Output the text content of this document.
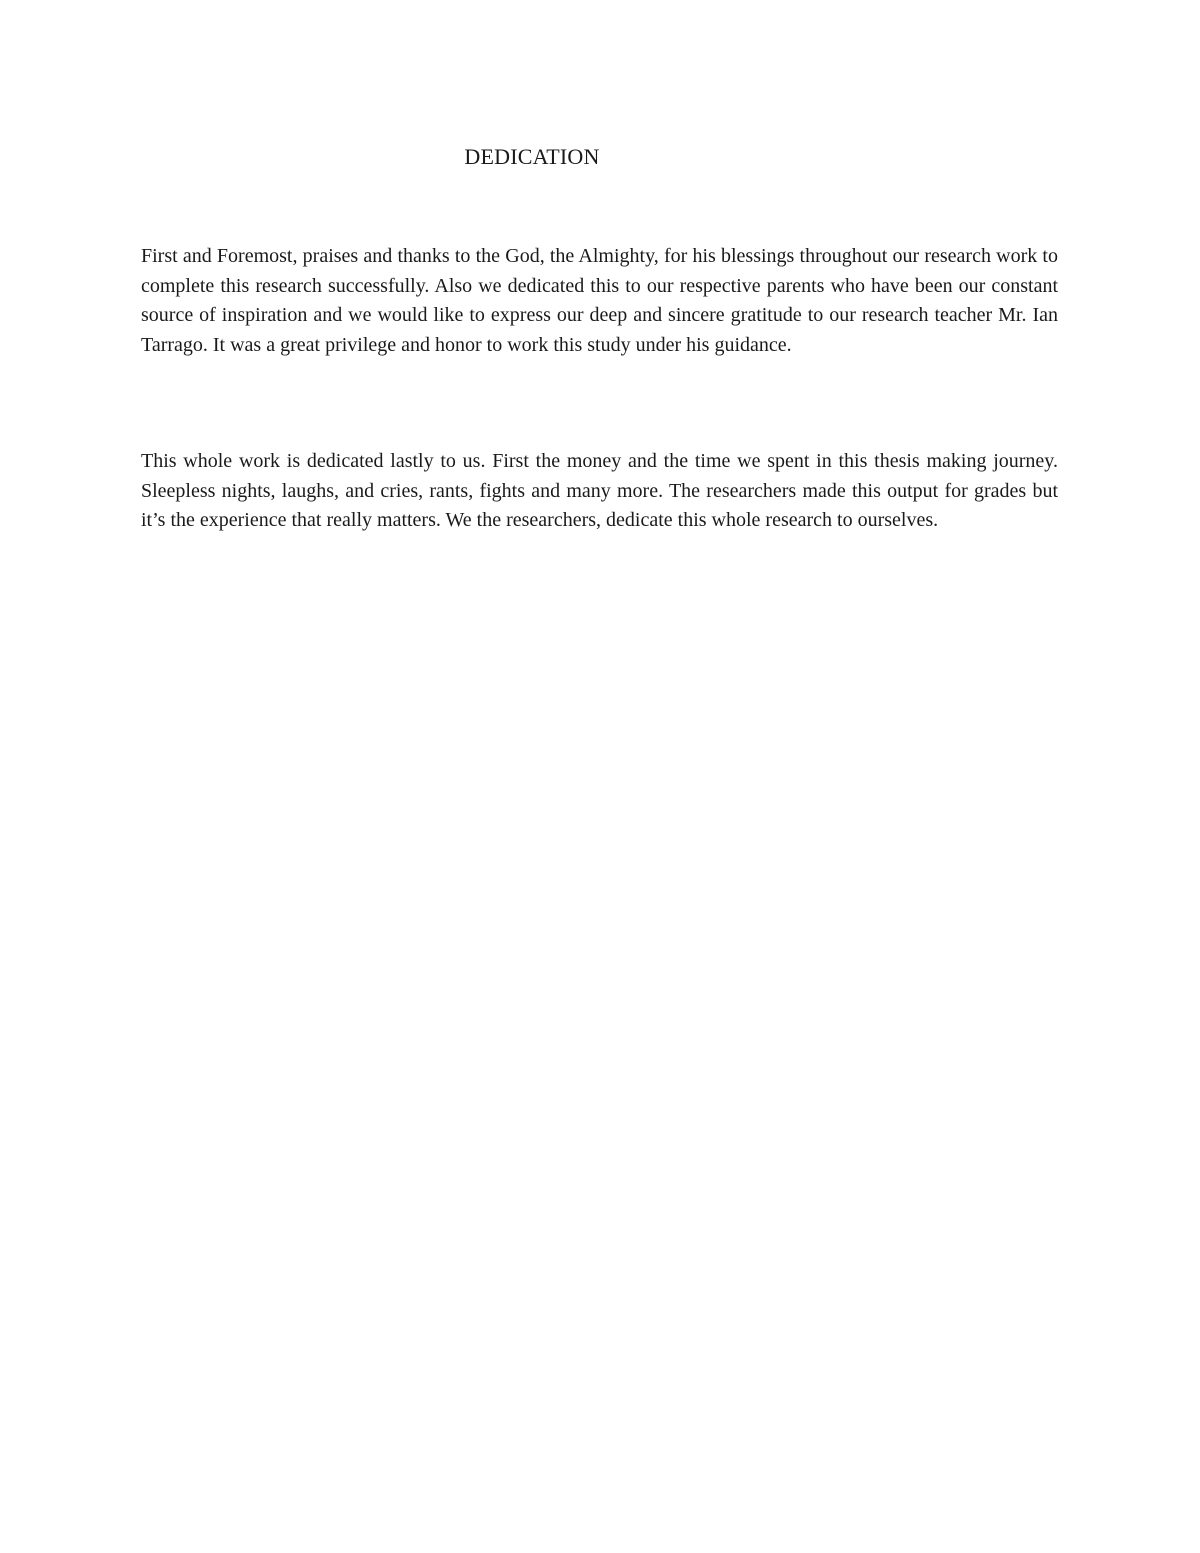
DEDICATION

First and Foremost, praises and thanks to the God, the Almighty, for his blessings throughout our research work to complete this research successfully. Also we dedicated this to our respective parents who have been our constant source of inspiration and we would like to express our deep and sincere gratitude to our research teacher Mr. Ian Tarrago. It was a great privilege and honor to work this study under his guidance.

This whole work is dedicated lastly to us. First the money and the time we spent in this thesis making journey. Sleepless nights, laughs, and cries, rants, fights and many more. The researchers made this output for grades but it’s the experience that really matters. We the researchers, dedicate this whole research to ourselves.
